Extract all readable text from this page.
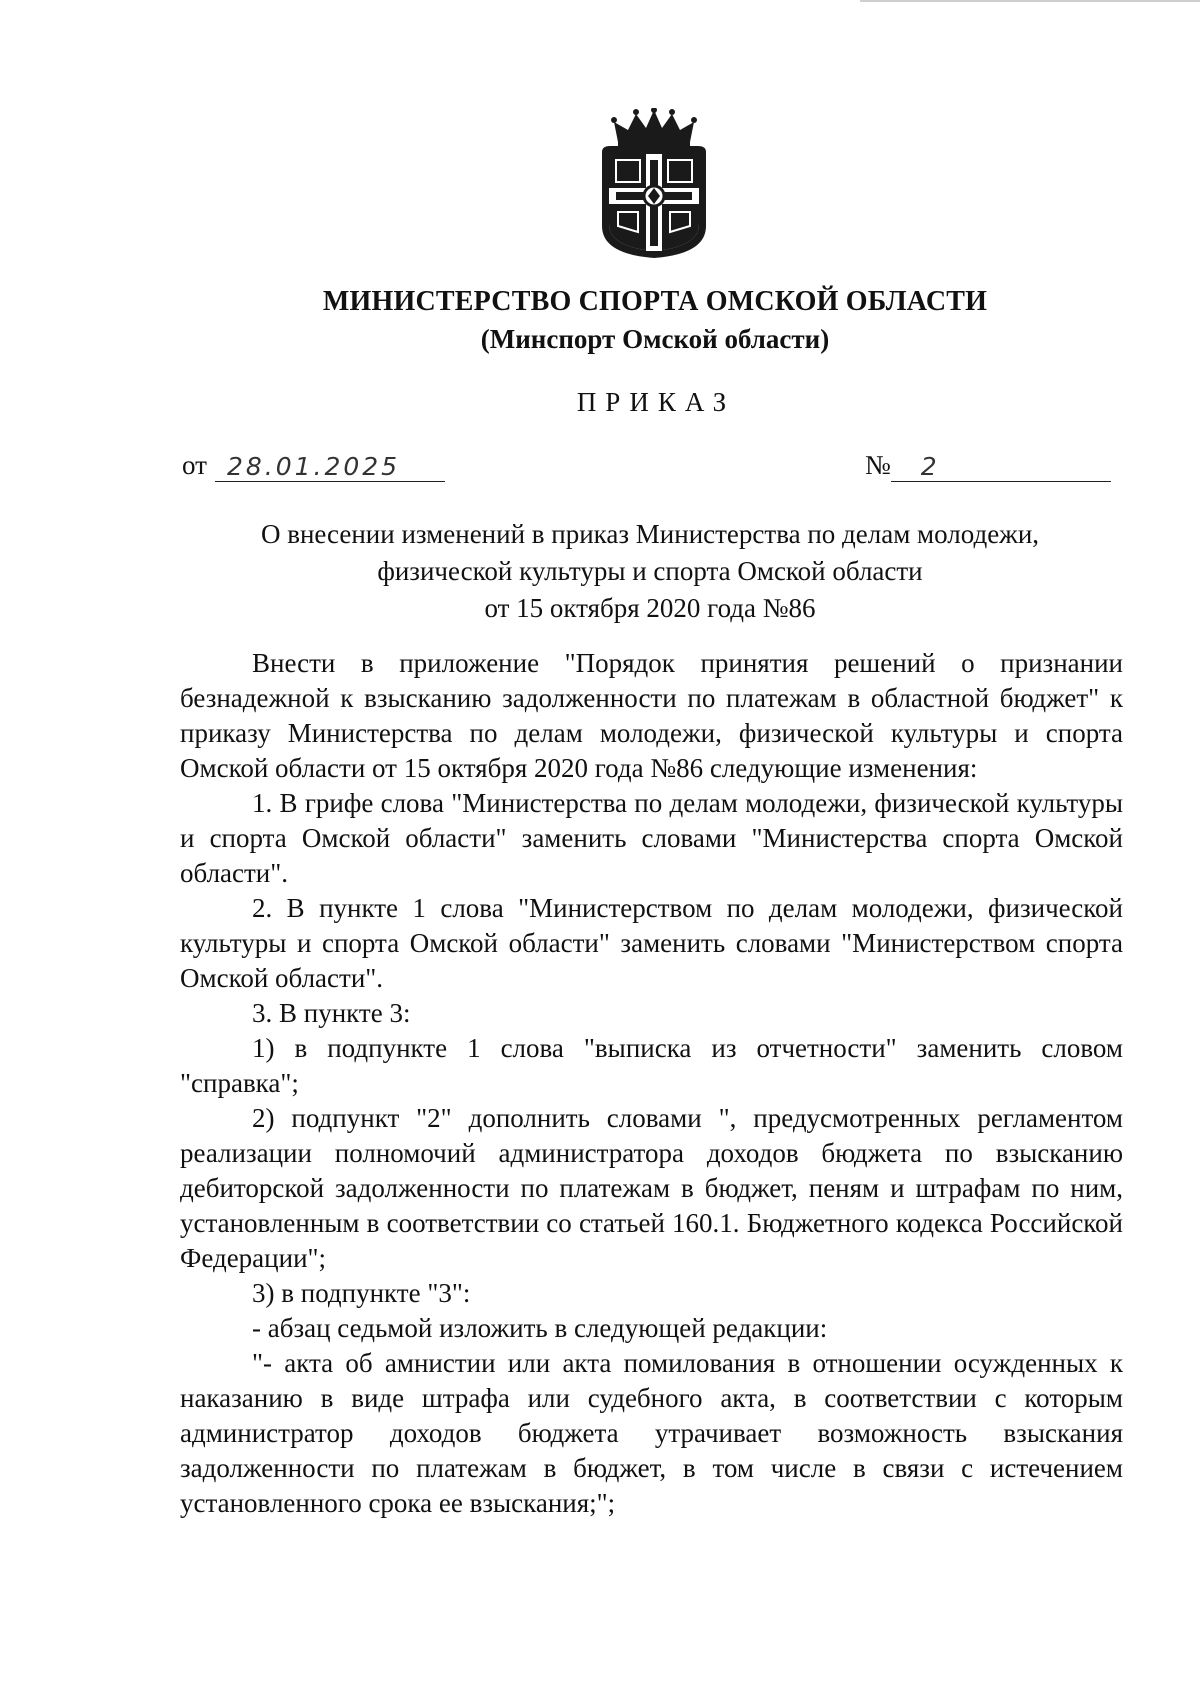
МИНИСТЕРСТВО СПОРТА ОМСКОЙ ОБЛАСТИ
(Минспорт Омской области)
ПРИКАЗ
от 28.01.2025	№	2
О внесении изменений в приказ Министерства по делам молодежи,
физической культуры и спорта Омской области
от 15 октября 2020 года №86

Внести в приложение "Порядок принятия решений о признании безнадежной к взысканию задолженности по платежам в областной бюджет" к приказу Министерства по делам молодежи, физической культуры и спорта Омской области от 15 октября 2020 года №86 следующие изменения:

1. В грифе слова "Министерства по делам молодежи, физической культуры и спорта Омской области" заменить словами "Министерства спорта Омской области".

2. В пункте 1 слова "Министерством по делам молодежи, физической культуры и спорта Омской области" заменить словами "Министерством спорта Омской области".

3. В пункте 3:

1) в подпункте 1 слова "выписка из отчетности" заменить словом "справка";

2) подпункт "2" дополнить словами ", предусмотренных регламентом реализации полномочий администратора доходов бюджета по взысканию дебиторской задолженности по платежам в бюджет, пеням и штрафам по ним, установленным в соответствии со статьей 160.1. Бюджетного кодекса Российской Федерации";

3) в подпункте "3":

- абзац седьмой изложить в следующей редакции:

"- акта об амнистии или акта помилования в отношении осужденных к наказанию в виде штрафа или судебного акта, в соответствии с которым администратор доходов бюджета утрачивает возможность взыскания задолженности по платежам в бюджет, в том числе в связи с истечением установленного срока ее взыскания;";
